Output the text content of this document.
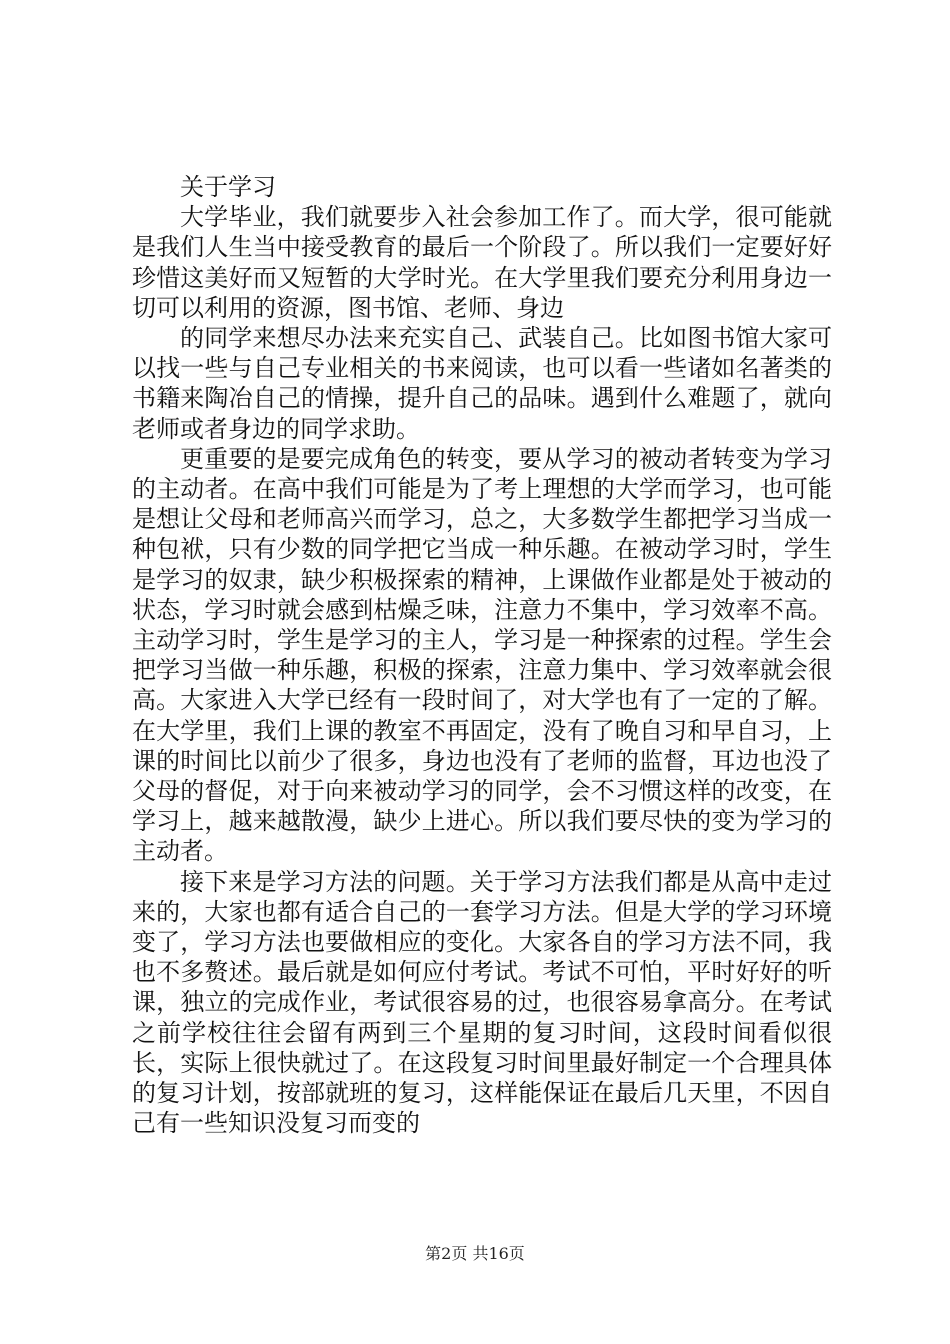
关于学习

大学毕业，我们就要步入社会参加工作了。而大学，很可能就是我们人生当中接受教育的最后一个阶段了。所以我们一定要好好珍惜这美好而又短暂的大学时光。在大学里我们要充分利用身边一切可以利用的资源，图书馆、老师、身边

的同学来想尽办法来充实自己、武装自己。比如图书馆大家可以找一些与自己专业相关的书来阅读，也可以看一些诸如名著类的书籍来陶冶自己的情操，提升自己的品味。遇到什么难题了，就向老师或者身边的同学求助。

更重要的是要完成角色的转变，要从学习的被动者转变为学习的主动者。在高中我们可能是为了考上理想的大学而学习，也可能是想让父母和老师高兴而学习，总之，大多数学生都把学习当成一种包袱，只有少数的同学把它当成一种乐趣。在被动学习时，学生是学习的奴隶，缺少积极探索的精神，上课做作业都是处于被动的状态，学习时就会感到枯燥乏味，注意力不集中，学习效率不高。主动学习时，学生是学习的主人，学习是一种探索的过程。学生会把学习当做一种乐趣，积极的探索，注意力集中、学习效率就会很高。大家进入大学已经有一段时间了，对大学也有了一定的了解。在大学里，我们上课的教室不再固定，没有了晚自习和早自习，上课的时间比以前少了很多，身边也没有了老师的监督，耳边也没了父母的督促，对于向来被动学习的同学，会不习惯这样的改变，在学习上，越来越散漫，缺少上进心。所以我们要尽快的变为学习的主动者。

接下来是学习方法的问题。关于学习方法我们都是从高中走过来的，大家也都有适合自己的一套学习方法。但是大学的学习环境变了，学习方法也要做相应的变化。大家各自的学习方法不同，我也不多赘述。最后就是如何应付考试。考试不可怕，平时好好的听课，独立的完成作业，考试很容易的过，也很容易拿高分。在考试之前学校往往会留有两到三个星期的复习时间，这段时间看似很长，实际上很快就过了。在这段复习时间里最好制定一个合理具体的复习计划，按部就班的复习，这样能保证在最后几天里，不因自己有一些知识没复习而变的

第2页 共16页
